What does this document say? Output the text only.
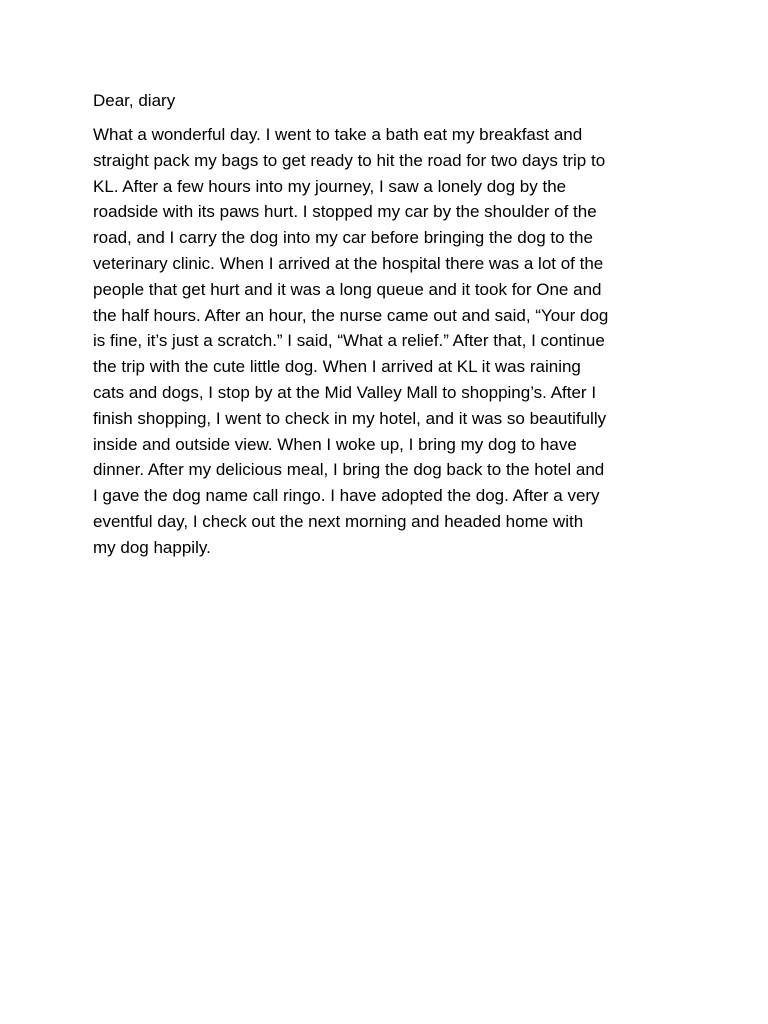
Dear, diary

What a wonderful day. I went to take a bath eat my breakfast and
straight pack my bags to get ready to hit the road for two days trip to
KL. After a few hours into my journey, I saw a lonely dog by the
roadside with its paws hurt. I stopped my car by the shoulder of the
road, and I carry the dog into my car before bringing the dog to the
veterinary clinic. When I arrived at the hospital there was a lot of the
people that get hurt and it was a long queue and it took for One and
the half hours. After an hour, the nurse came out and said, “Your dog
is fine, it’s just a scratch.” I said, “What a relief.” After that, I continue
the trip with the cute little dog. When I arrived at KL it was raining
cats and dogs, I stop by at the Mid Valley Mall to shopping’s. After I
finish shopping, I went to check in my hotel, and it was so beautifully
inside and outside view. When I woke up, I bring my dog to have
dinner. After my delicious meal, I bring the dog back to the hotel and
I gave the dog name call ringo. I have adopted the dog. After a very
eventful day, I check out the next morning and headed home with
my dog happily.
